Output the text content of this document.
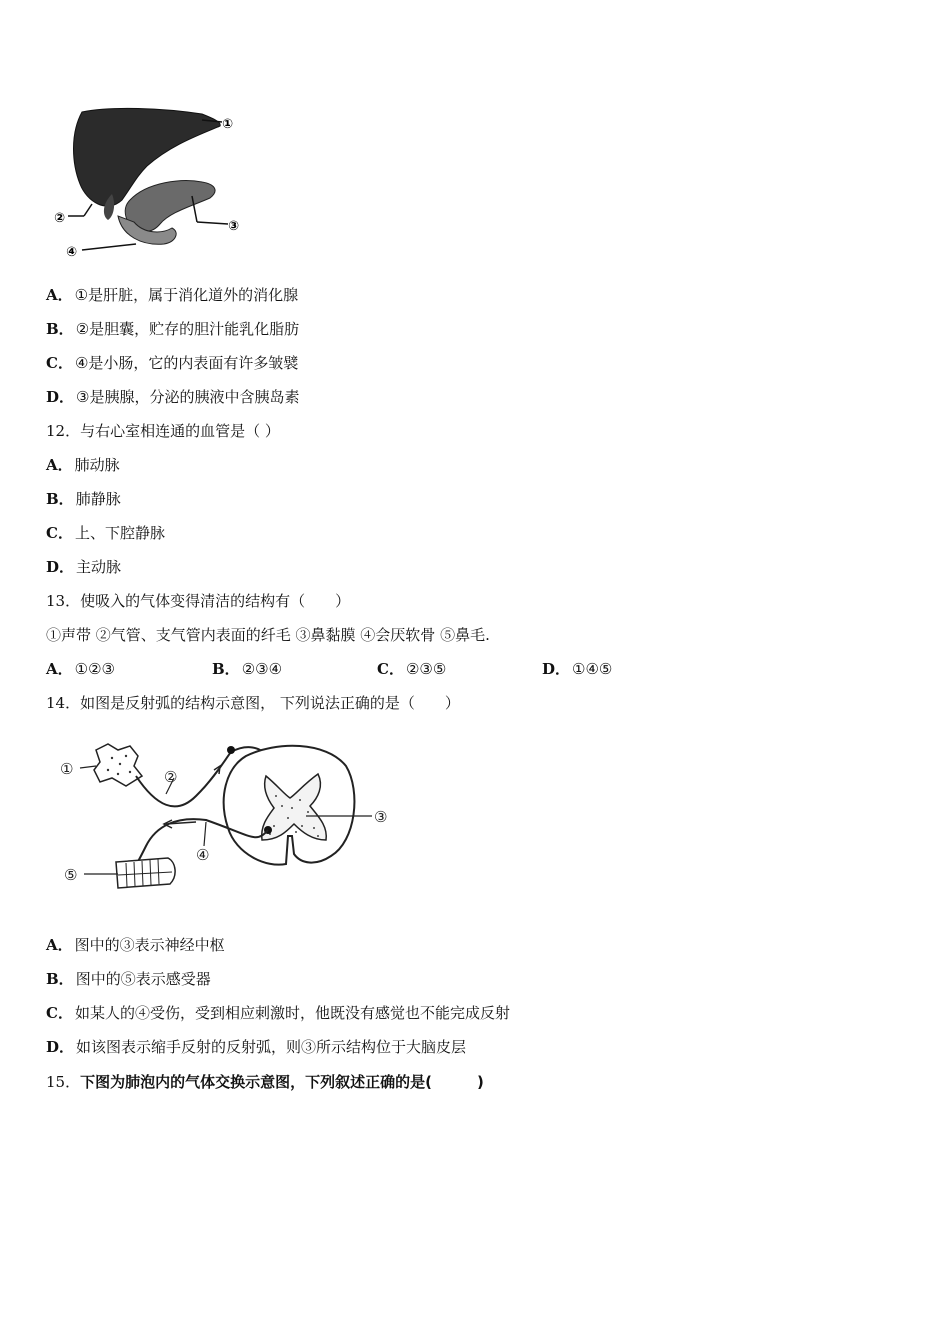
①
②
③
④
A． ①是肝脏，属于消化道外的消化腺
B． ②是胆囊，贮存的胆汁能乳化脂肪
C． ④是小肠，它的内表面有许多皱襞
D． ③是胰腺，分泌的胰液中含胰岛素
12．与右心室相连通的血管是（ ）
A． 肺动脉
B． 肺静脉
C． 上、下腔静脉
D． 主动脉
13．使吸入的气体变得清洁的结构有（　　）
①声带 ②气管、支气管内表面的纤毛 ③鼻黏膜 ④会厌软骨 ⑤鼻毛.
A． ①②③	B． ②③④	C． ②③⑤	D． ①④⑤
14．如图是反射弧的结构示意图， 下列说法正确的是（　　）
①	②
③
④
⑤
A． 图中的③表示神经中枢
B． 图中的⑤表示感受器
C． 如某人的④受伤，受到相应刺激时，他既没有感觉也不能完成反射
D． 如该图表示缩手反射的反射弧，则③所示结构位于大脑皮层
15．下图为肺泡内的气体交换示意图，下列叙述正确的是(　　　)
